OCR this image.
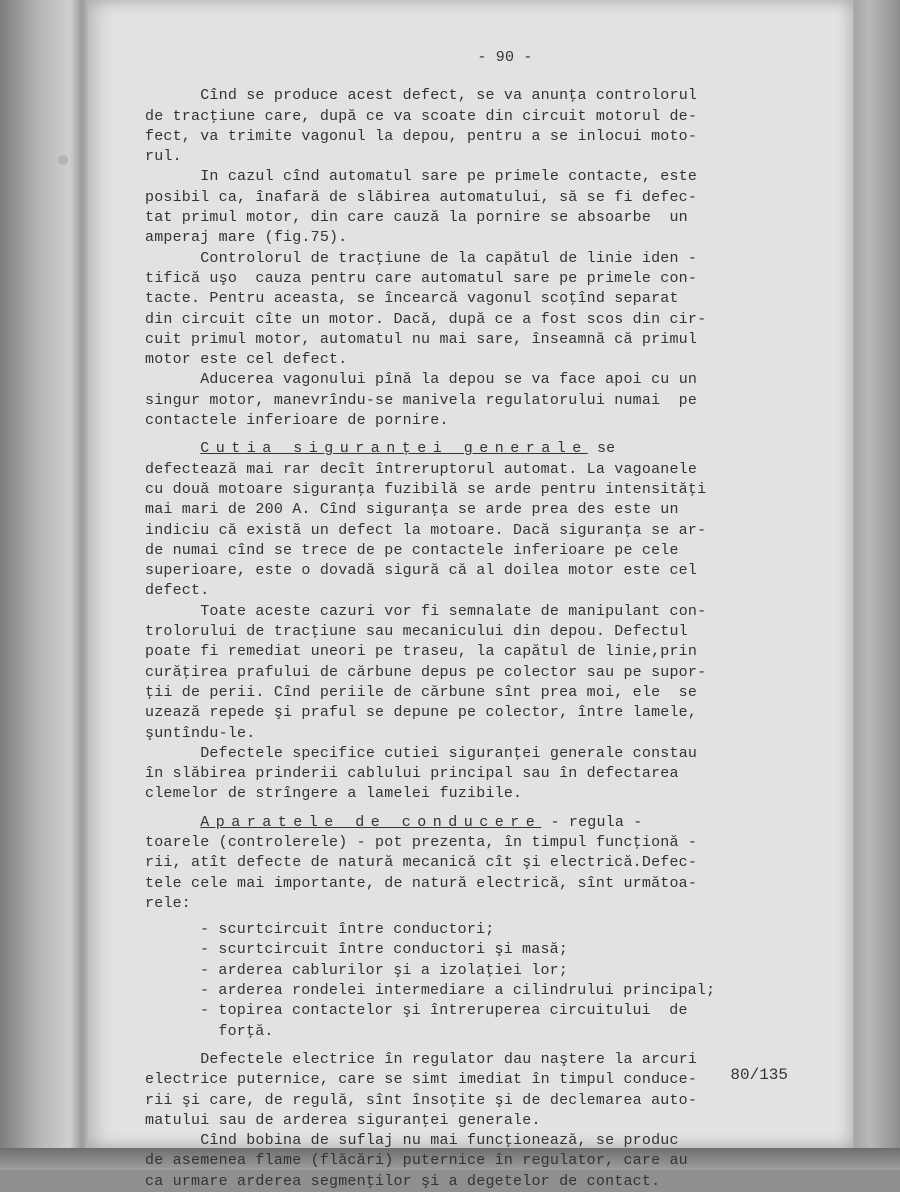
- 90 -

Cînd se produce acest defect, se va anunţa controlorul
de tracţiune care, după ce va scoate din circuit motorul de-
fect, va trimite vagonul la depou, pentru a se inlocui moto-
rul.

In cazul cînd automatul sare pe primele contacte, este
posibil ca, înafară de slăbirea automatului, să se fi defec-
tat primul motor, din care cauză la pornire se absoarbe  un
amperaj mare (fig.75).

Controlorul de tracţiune de la capătul de linie iden -
tifică uşo  cauza pentru care automatul sare pe primele con-
tacte. Pentru aceasta, se încearcă vagonul scoţînd separat
din circuit cîte un motor. Dacă, după ce a fost scos din cir-
cuit primul motor, automatul nu mai sare, înseamnă că primul
motor este cel defect.

Aducerea vagonului pînă la depou se va face apoi cu un
singur motor, manevrîndu-se manivela regulatorului numai  pe
contactele inferioare de pornire.

Cutia siguranţei generale se

defectează mai rar decît întreruptorul automat. La vagoanele
cu două motoare siguranţa fuzibilă se arde pentru intensităţi
mai mari de 200 A. Cînd siguranţa se arde prea des este un
indiciu că există un defect la motoare. Dacă siguranţa se ar-
de numai cînd se trece de pe contactele inferioare pe cele
superioare, este o dovadă sigură că al doilea motor este cel
defect.

Toate aceste cazuri vor fi semnalate de manipulant con-
trolorului de tracţiune sau mecanicului din depou. Defectul
poate fi remediat uneori pe traseu, la capătul de linie,prin
curăţirea prafului de cărbune depus pe colector sau pe supor-
ţii de perii. Cînd periile de cărbune sînt prea moi, ele  se
uzează repede şi praful se depune pe colector, între lamele,
şuntîndu-le.

Defectele specifice cutiei siguranţei generale constau
în slăbirea prinderii cablului principal sau în defectarea
clemelor de strîngere a lamelei fuzibile.

Aparatele de conducere - regula -

toarele (controlerele) - pot prezenta, în timpul funcţionă -
rii, atît defecte de natură mecanică cît şi electrică.Defec-
tele cele mai importante, de natură electrică, sînt următoa-
rele:

- scurtcircuit între conductori;
- scurtcircuit între conductori şi masă;
- arderea cablurilor şi a izolaţiei lor;
- arderea rondelei intermediare a cilindrului principal;
- topirea contactelor şi întreruperea circuitului  de
forţă.

Defectele electrice în regulator dau naştere la arcuri
electrice puternice, care se simt imediat în timpul conduce-
rii şi care, de regulă, sînt însoţite şi de declemarea auto-
matului sau de arderea siguranţei generale.

Cînd bobina de suflaj nu mai funcţionează, se produc
de asemenea flame (flăcări) puternice în regulator, care au
ca urmare arderea segmenţilor şi a degetelor de contact.

80/135
